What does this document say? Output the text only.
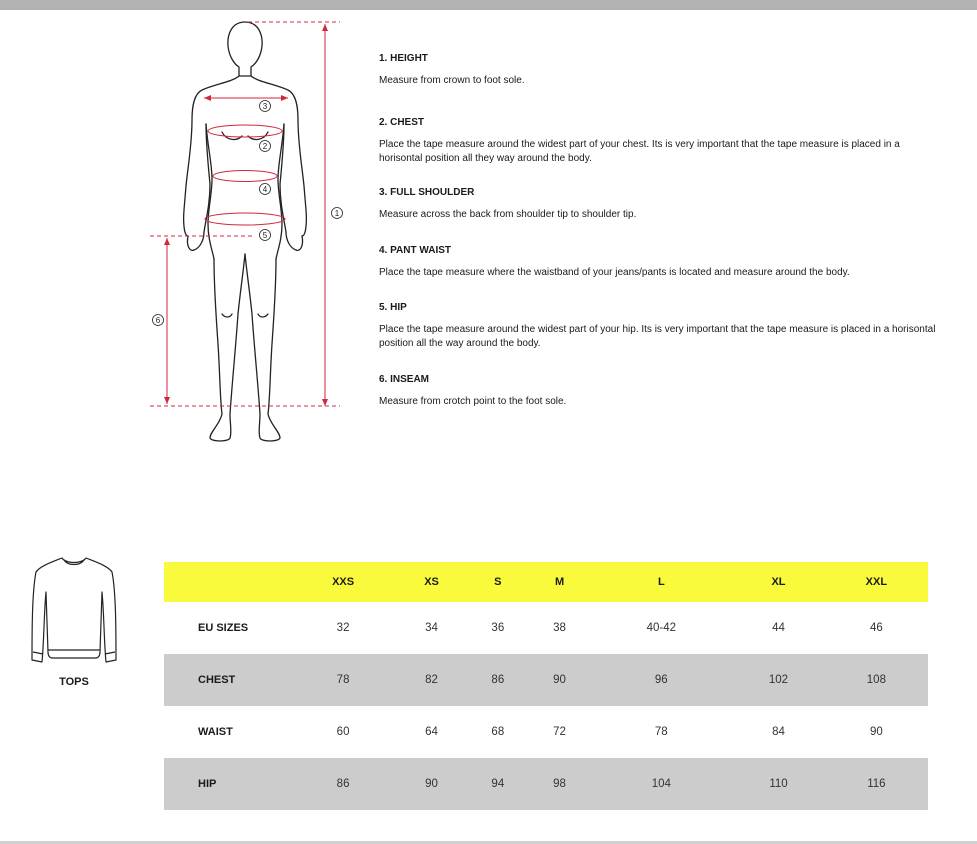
1
2
3
4
5
6
1. HEIGHT
Measure from crown to foot sole.
2. CHEST
Place the tape measure around the widest part of your chest. Its is very important that the tape measure is placed in a horisontal position all they way around the body.
3. FULL SHOULDER
Measure across the back from shoulder tip to shoulder tip.
4. PANT WAIST
Place the tape measure where the waistband of your jeans/pants is located and measure around the body.
5. HIP
Place the tape measure around the widest part of your hip. Its is very important that the tape measure is placed in a horisontal position all the way around the body.
6. INSEAM
Measure from crotch point to the foot sole.
TOPS
	XXS	XS	S	M	L	XL	XXL
EU SIZES	32	34	36	38	40-42	44	46
CHEST	78	82	86	90	96	102	108
WAIST	60	64	68	72	78	84	90
HIP	86	90	94	98	104	110	116
